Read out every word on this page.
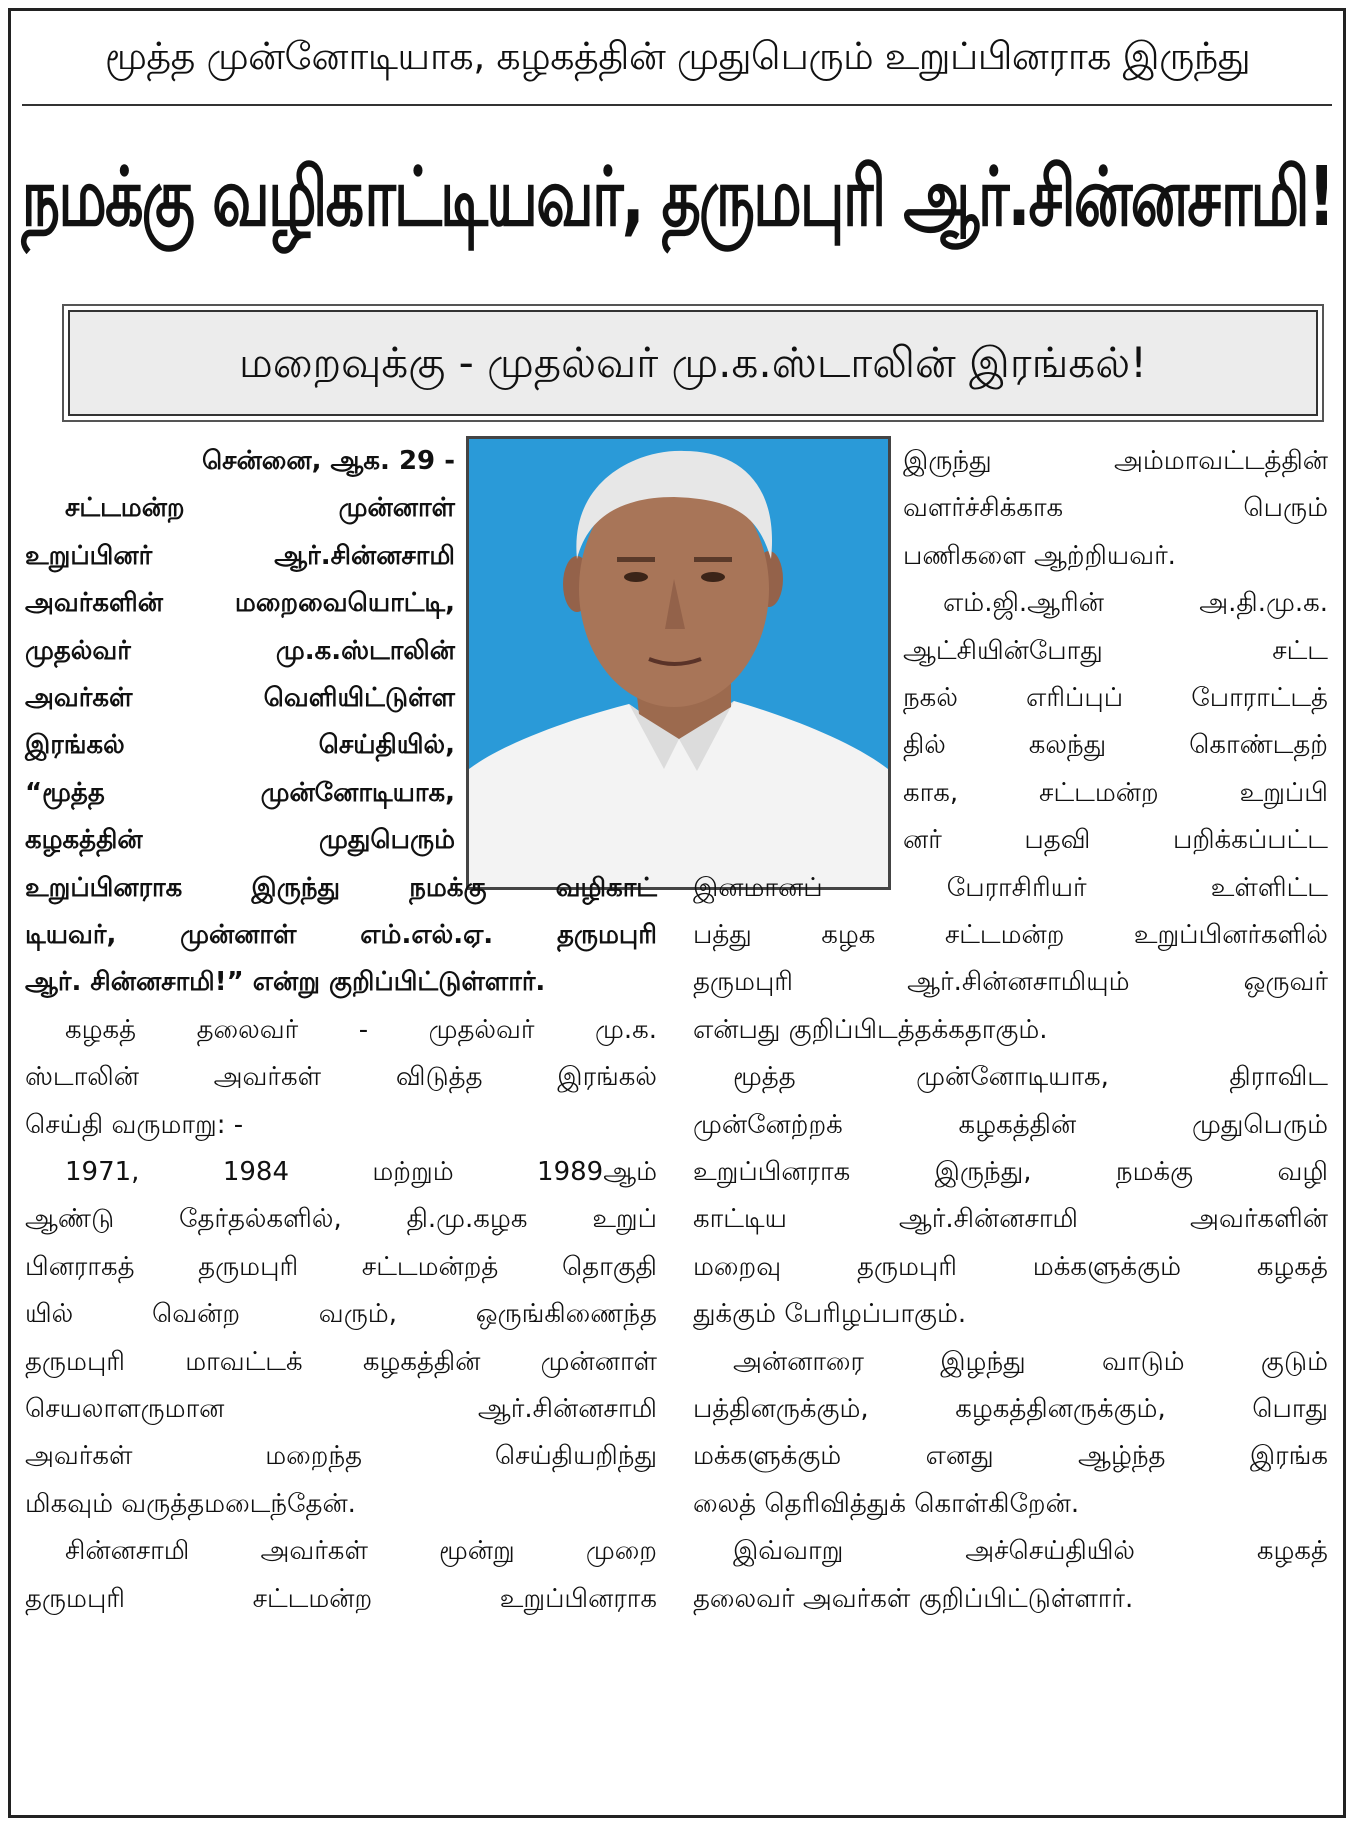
மூத்த முன்னோடியாக, கழகத்தின் முதுபெரும் உறுப்பினராக இருந்து
நமக்கு வழிகாட்டியவர், தருமபுரி ஆர்.சின்னசாமி!
மறைவுக்கு - முதல்வர் மு.க.ஸ்டாலின் இரங்கல்!
சென்னை, ஆக. 29 -
சட்டமன்ற முன்னாள்
உறுப்பினர் ஆர்.சின்னசாமி
அவர்களின் மறைவையொட்டி,
முதல்வர் மு.க.ஸ்டாலின்
அவர்கள் வெளியிட்டுள்ள
இரங்கல் செய்தியில்,
“மூத்த முன்னோடியாக,
கழகத்தின் முதுபெரும்
உறுப்பினராக இருந்து நமக்கு வழிகாட்
டியவர், முன்னாள் எம்.எல்.ஏ. தருமபுரி
ஆர். சின்னசாமி!” என்று குறிப்பிட்டுள்ளார்.
கழகத் தலைவர் - முதல்வர் மு.க.
ஸ்டாலின் அவர்கள் விடுத்த இரங்கல்
செய்தி வருமாறு: -
1971, 1984 மற்றும் 1989ஆம்
ஆண்டு தேர்தல்களில், தி.மு.கழக உறுப்
பினராகத் தருமபுரி சட்டமன்றத் தொகுதி
யில் வென்ற வரும், ஒருங்கிணைந்த
தருமபுரி மாவட்டக் கழகத்தின் முன்னாள்
செயலாளருமான ஆர்.சின்னசாமி
அவர்கள் மறைந்த செய்தியறிந்து
மிகவும் வருத்தமடைந்தேன்.
சின்னசாமி அவர்கள் மூன்று முறை
தருமபுரி சட்டமன்ற உறுப்பினராக
இருந்து அம்மாவட்டத்தின்
வளர்ச்சிக்காக பெரும்
பணிகளை ஆற்றியவர்.
எம்.ஜி.ஆரின் அ.தி.மு.க.
ஆட்சியின்போது சட்ட
நகல் எரிப்புப் போராட்டத்
தில் கலந்து கொண்டதற்
காக, சட்டமன்ற உறுப்பி
னர் பதவி பறிக்கப்பட்ட
இனமானப் பேராசிரியர் உள்ளிட்ட
பத்து கழக சட்டமன்ற உறுப்பினர்களில்
தருமபுரி ஆர்.சின்னசாமியும் ஒருவர்
என்பது குறிப்பிடத்தக்கதாகும்.
மூத்த முன்னோடியாக, திராவிட
முன்னேற்றக் கழகத்தின் முதுபெரும்
உறுப்பினராக இருந்து, நமக்கு வழி
காட்டிய ஆர்.சின்னசாமி அவர்களின்
மறைவு தருமபுரி மக்களுக்கும் கழகத்
துக்கும் பேரிழப்பாகும்.
அன்னாரை இழந்து வாடும் குடும்
பத்தினருக்கும், கழகத்தினருக்கும், பொது
மக்களுக்கும் எனது ஆழ்ந்த இரங்க
லைத் தெரிவித்துக் கொள்கிறேன்.
இவ்வாறு அச்செய்தியில் கழகத்
தலைவர் அவர்கள் குறிப்பிட்டுள்ளார்.
